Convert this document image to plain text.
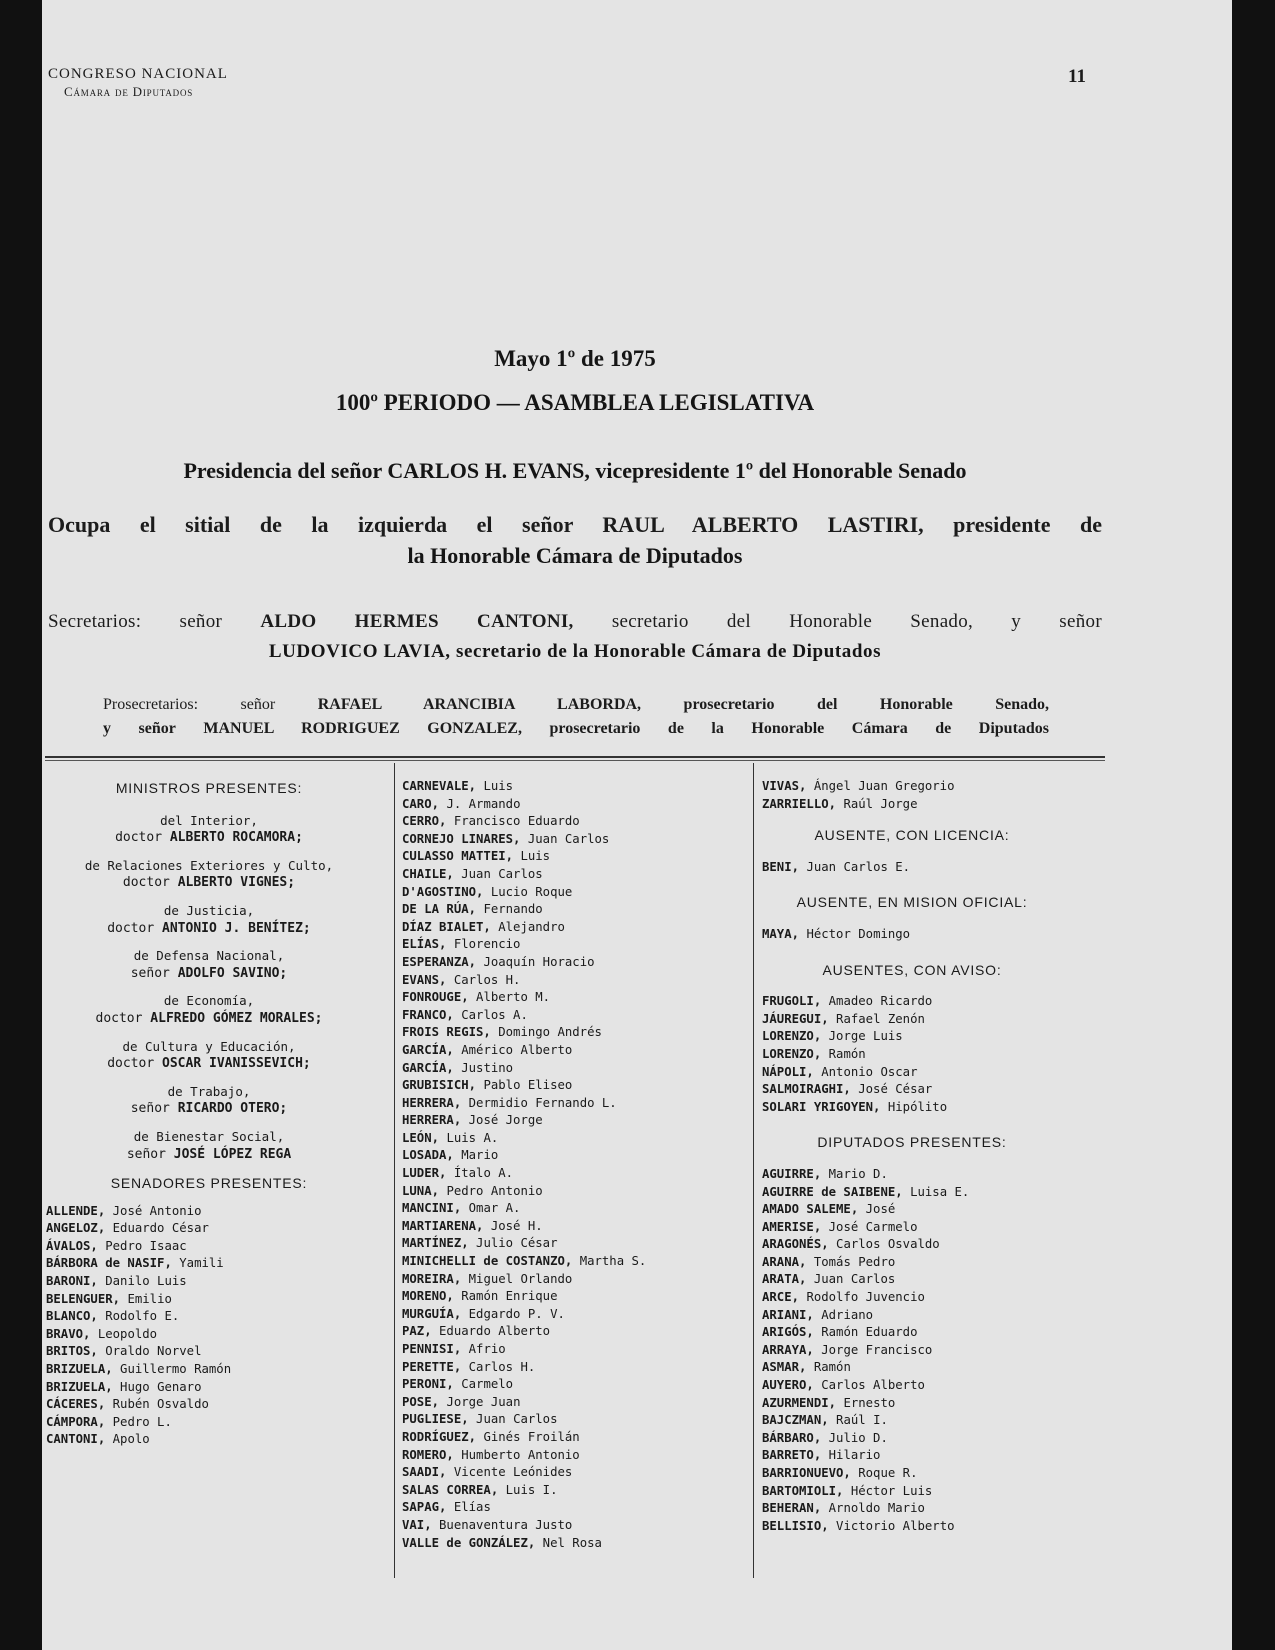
CONGRESO NACIONAL
Cámara de Diputados
11
Mayo 1º de 1975
100º PERIODO — ASAMBLEA LEGISLATIVA
Presidencia del señor CARLOS H. EVANS, vicepresidente 1º del Honorable Senado
Ocupa el sitial de la izquierda el señor RAUL ALBERTO LASTIRI, presidente de
la Honorable Cámara de Diputados
Secretarios: señor ALDO HERMES CANTONI, secretario del Honorable Senado, y señor
LUDOVICO LAVIA, secretario de la Honorable Cámara de Diputados
Prosecretarios: señor	RAFAEL ARANCIBIA LABORDA,	prosecretario del Honorable Senado,
y señor MANUEL RODRIGUEZ GONZALEZ, prosecretario de la Honorable Cámara de Diputados
MINISTROS PRESENTES:
del Interior,
doctor ALBERTO ROCAMORA;
de Relaciones Exteriores y Culto,
doctor ALBERTO VIGNES;
de Justicia,
doctor ANTONIO J. BENÍTEZ;
de Defensa Nacional,
señor ADOLFO SAVINO;
de Economía,
doctor ALFREDO GÓMEZ MORALES;
de Cultura y Educación,
doctor OSCAR IVANISSEVICH;
de Trabajo,
señor RICARDO OTERO;
de Bienestar Social,
señor JOSÉ LÓPEZ REGA
SENADORES PRESENTES:
ALLENDE, José Antonio
ANGELOZ, Eduardo César
ÁVALOS, Pedro Isaac
BÁRBORA de NASIF, Yamili
BARONI, Danilo Luis
BELENGUER, Emilio
BLANCO, Rodolfo E.
BRAVO, Leopoldo
BRITOS, Oraldo Norvel
BRIZUELA, Guillermo Ramón
BRIZUELA, Hugo Genaro
CÁCERES, Rubén Osvaldo
CÁMPORA, Pedro L.
CANTONI, Apolo
CARNEVALE, Luis
CARO, J. Armando
CERRO, Francisco Eduardo
CORNEJO LINARES, Juan Carlos
CULASSO MATTEI, Luis
CHAILE, Juan Carlos
D'AGOSTINO, Lucio Roque
DE LA RÚA, Fernando
DÍAZ BIALET, Alejandro
ELÍAS, Florencio
ESPERANZA, Joaquín Horacio
EVANS, Carlos H.
FONROUGE, Alberto M.
FRANCO, Carlos A.
FROIS REGIS, Domingo Andrés
GARCÍA, Américo Alberto
GARCÍA, Justino
GRUBISICH, Pablo Eliseo
HERRERA, Dermidio Fernando L.
HERRERA, José Jorge
LEÓN, Luis A.
LOSADA, Mario
LUDER, Ítalo A.
LUNA, Pedro Antonio
MANCINI, Omar A.
MARTIARENA, José H.
MARTÍNEZ, Julio César
MINICHELLI de COSTANZO, Martha S.
MOREIRA, Miguel Orlando
MORENO, Ramón Enrique
MURGUÍA, Edgardo P. V.
PAZ, Eduardo Alberto
PENNISI, Afrio
PERETTE, Carlos H.
PERONI, Carmelo
POSE, Jorge Juan
PUGLIESE, Juan Carlos
RODRÍGUEZ, Ginés Froilán
ROMERO, Humberto Antonio
SAADI, Vicente Leónides
SALAS CORREA, Luis I.
SAPAG, Elías
VAI, Buenaventura Justo
VALLE de GONZÁLEZ, Nel Rosa
VIVAS, Ángel Juan Gregorio
ZARRIELLO, Raúl Jorge
AUSENTE, CON LICENCIA:
BENI, Juan Carlos E.
AUSENTE, EN MISION OFICIAL:
MAYA, Héctor Domingo
AUSENTES, CON AVISO:
FRUGOLI, Amadeo Ricardo
JÁUREGUI, Rafael Zenón
LORENZO, Jorge Luis
LORENZO, Ramón
NÁPOLI, Antonio Oscar
SALMOIRAGHI, José César
SOLARI YRIGOYEN, Hipólito
DIPUTADOS PRESENTES:
AGUIRRE, Mario D.
AGUIRRE de SAIBENE, Luisa E.
AMADO SALEME, José
AMERISE, José Carmelo
ARAGONÉS, Carlos Osvaldo
ARANA, Tomás Pedro
ARATA, Juan Carlos
ARCE, Rodolfo Juvencio
ARIANI, Adriano
ARIGÓS, Ramón Eduardo
ARRAYA, Jorge Francisco
ASMAR, Ramón
AUYERO, Carlos Alberto
AZURMENDI, Ernesto
BAJCZMAN, Raúl I.
BÁRBARO, Julio D.
BARRETO, Hilario
BARRIONUEVO, Roque R.
BARTOMIOLI, Héctor Luis
BEHERAN, Arnoldo Mario
BELLISIO, Victorio Alberto
